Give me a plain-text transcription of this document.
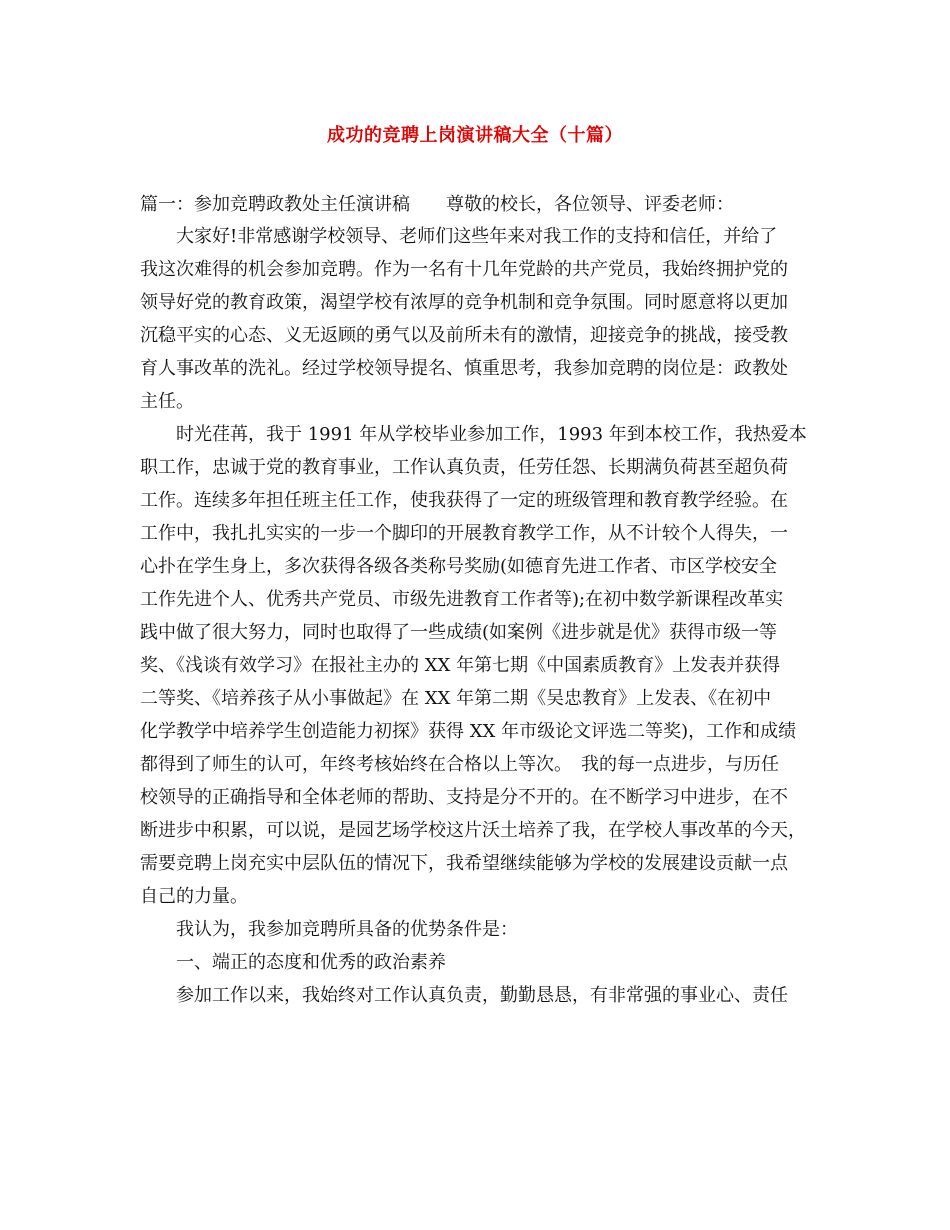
成功的竞聘上岗演讲稿大全（十篇）
篇一：参加竞聘政教处主任演讲稿　　尊敬的校长，各位领导、评委老师：
大家好!非常感谢学校领导、老师们这些年来对我工作的支持和信任，并给了
我这次难得的机会参加竞聘。作为一名有十几年党龄的共产党员，我始终拥护党的
领导好党的教育政策，渴望学校有浓厚的竞争机制和竞争氛围。同时愿意将以更加
沉稳平实的心态、义无返顾的勇气以及前所未有的激情，迎接竞争的挑战，接受教
育人事改革的洗礼。经过学校领导提名、慎重思考，我参加竞聘的岗位是：政教处
主任。
时光荏苒，我于 1991 年从学校毕业参加工作，1993 年到本校工作，我热爱本
职工作，忠诚于党的教育事业，工作认真负责，任劳任怨、长期满负荷甚至超负荷
工作。连续多年担任班主任工作，使我获得了一定的班级管理和教育教学经验。在
工作中，我扎扎实实的一步一个脚印的开展教育教学工作，从不计较个人得失，一
心扑在学生身上，多次获得各级各类称号奖励(如德育先进工作者、市区学校安全
工作先进个人、优秀共产党员、市级先进教育工作者等);在初中数学新课程改革实
践中做了很大努力，同时也取得了一些成绩(如案例《进步就是优》获得市级一等
奖、《浅谈有效学习》在报社主办的 XX 年第七期《中国素质教育》上发表并获得
二等奖、《培养孩子从小事做起》在 XX 年第二期《吴忠教育》上发表、《在初中
化学教学中培养学生创造能力初探》获得 XX 年市级论文评选二等奖)，工作和成绩
都得到了师生的认可，年终考核始终在合格以上等次。　我的每一点进步，与历任
校领导的正确指导和全体老师的帮助、支持是分不开的。在不断学习中进步，在不
断进步中积累，可以说，是园艺场学校这片沃土培养了我，在学校人事改革的今天，
需要竞聘上岗充实中层队伍的情况下，我希望继续能够为学校的发展建设贡献一点
自己的力量。
我认为，我参加竞聘所具备的优势条件是：
一、端正的态度和优秀的政治素养
参加工作以来，我始终对工作认真负责，勤勤恳恳，有非常强的事业心、责任
